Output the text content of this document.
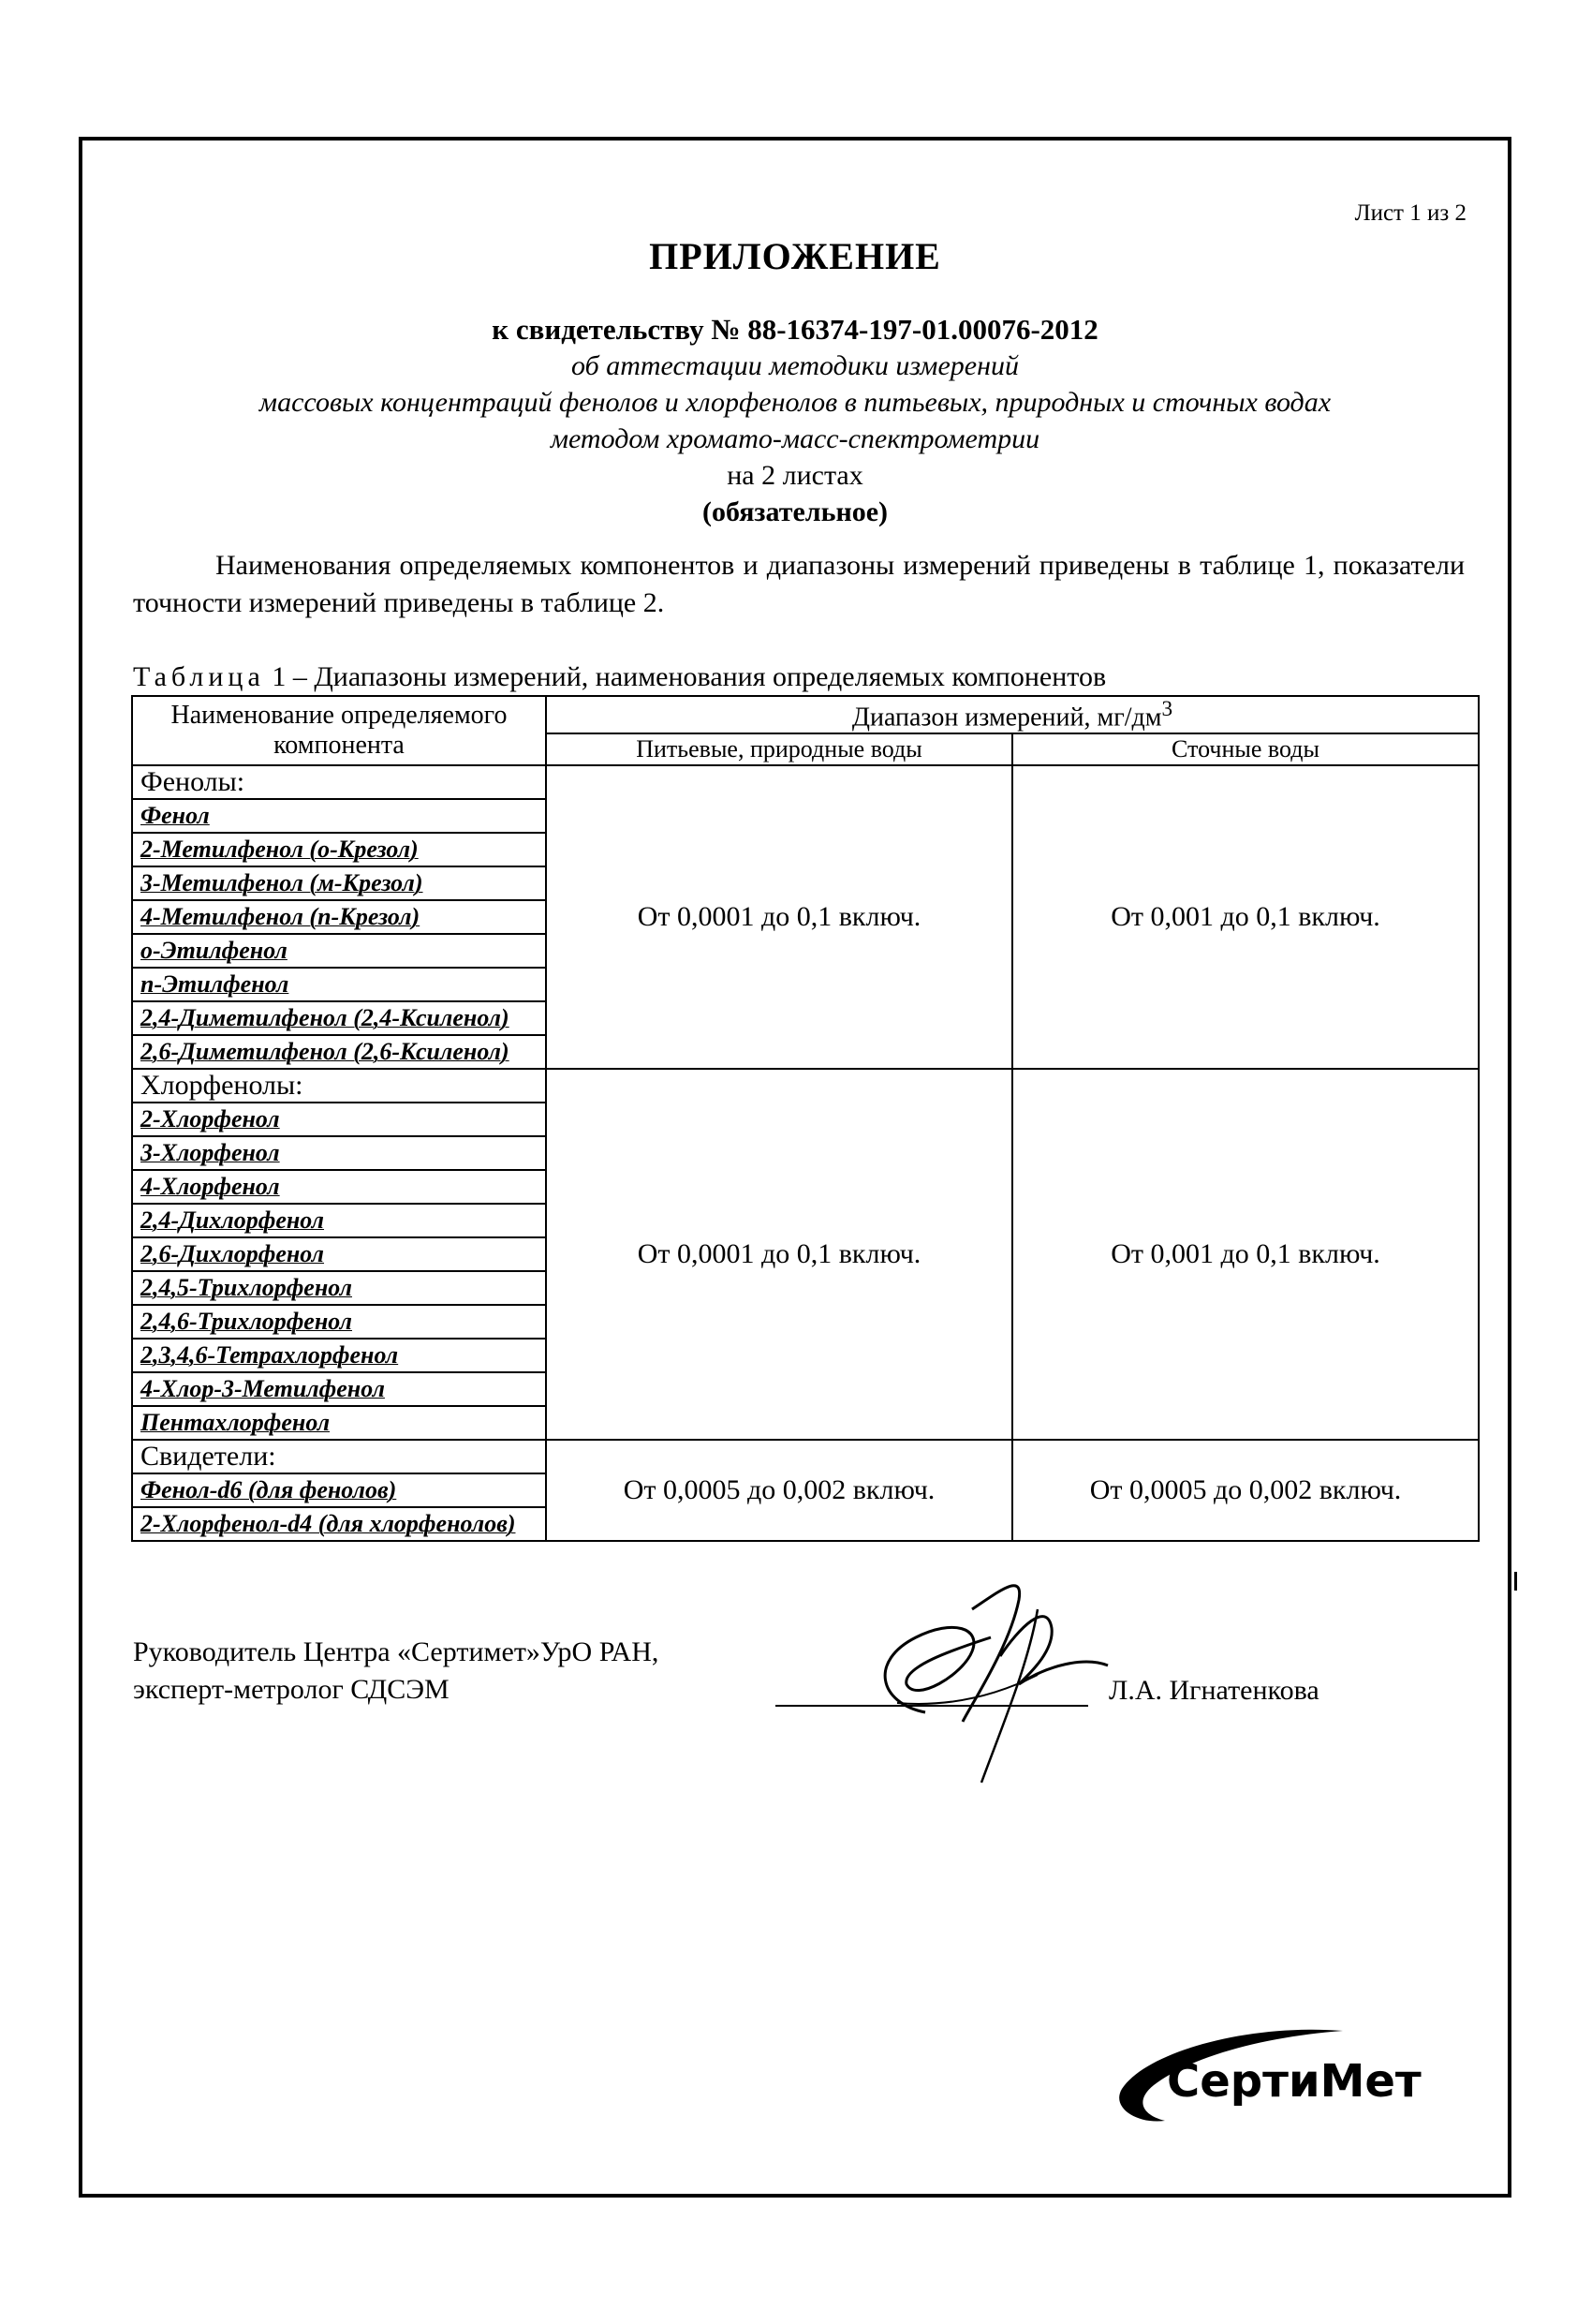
Лист 1 из 2
ПРИЛОЖЕНИЕ
к свидетельству № 88-16374-197-01.00076-2012
об аттестации методики измерений
массовых концентраций фенолов и хлорфенолов в питьевых, природных и сточных водах
методом хромато-масс-спектрометрии
на 2 листах
(обязательное)
Наименования определяемых компонентов и диапазоны измерений приведены в таблице 1, показатели точности измерений приведены в таблице 2.
Таблица 1 – Диапазоны измерений, наименования определяемых компонентов
Наименование определяемого компонента	Диапазон измерений, $мг/дм^3$
	Питьевые, природные воды	Сточные воды
Фенолы:	От 0,0001 до 0,1 включ.	От 0,001 до 0,1 включ.
Фенол		
2-Метилфенол (о-Крезол)		
3-Метилфенол (м-Крезол)		
4-Метилфенол (п-Крезол)		
о-Этилфенол		
п-Этилфенол		
2,4-Диметилфенол (2,4-Ксиленол)		
2,6-Диметилфенол (2,6-Ксиленол)		
Хлорфенолы:	От 0,0001 до 0,1 включ.	От 0,001 до 0,1 включ.
2-Хлорфенол		
3-Хлорфенол		
4-Хлорфенол		
2,4-Дихлорфенол		
2,6-Дихлорфенол		
2,4,5-Трихлорфенол		
2,4,6-Трихлорфенол		
2,3,4,6-Тетрахлорфенол		
4-Хлор-3-Метилфенол		
Пентахлорфенол		
Свидетели:	От 0,0005 до 0,002 включ.	От 0,0005 до 0,002 включ.
Фенол-d6 (для фенолов)		
2-Хлорфенол-d4 (для хлорфенолов)		
Руководитель Центра «Сертимет»УрО РАН,
эксперт-метролог СДСЭМ	Л.А. Игнатенкова
СертиМет
